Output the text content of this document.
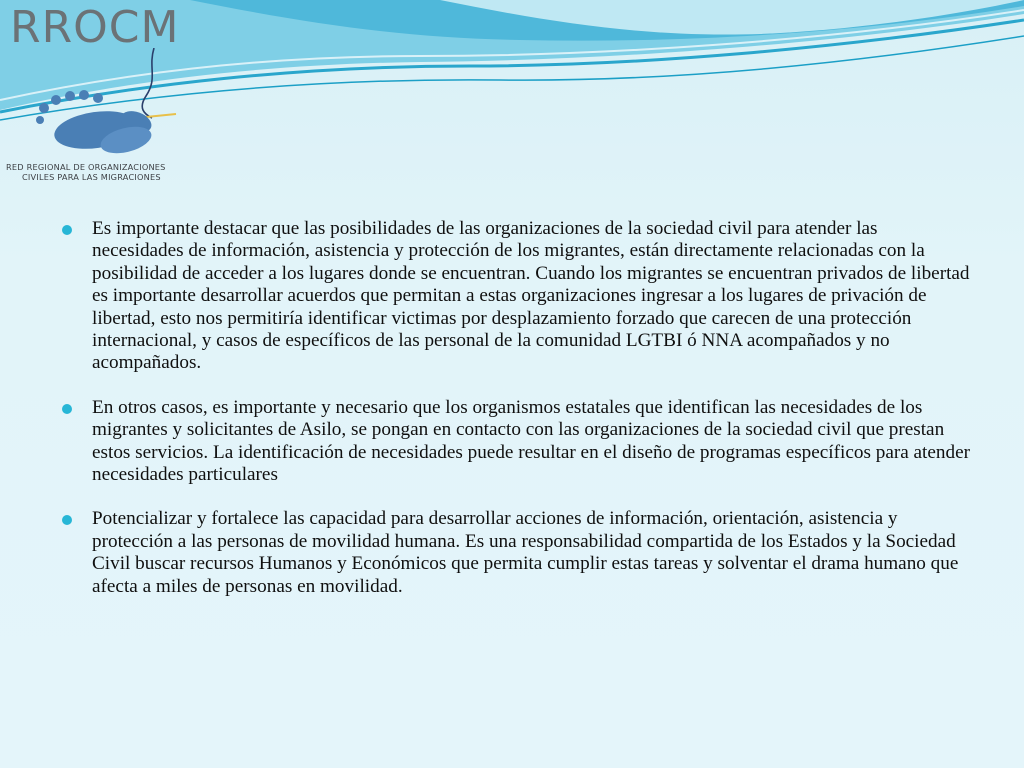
RROCM
RED REGIONAL DE ORGANIZACIONES
CIVILES PARA LAS MIGRACIONES
Es importante destacar que las posibilidades de las organizaciones de la sociedad civil para atender las necesidades de información, asistencia y protección de los migrantes, están directamente relacionadas con la posibilidad de acceder a los lugares donde se encuentran. Cuando los migrantes se encuentran privados de libertad es importante desarrollar acuerdos que permitan a estas organizaciones ingresar a los lugares de privación de libertad, esto nos permitiría identificar victimas por desplazamiento forzado que carecen de una protección internacional, y casos de específicos de las personal de la comunidad LGTBI ó NNA acompañados y no acompañados.
En otros casos, es importante y necesario que los organismos estatales que identifican las necesidades de los migrantes y solicitantes de Asilo, se pongan en contacto con las organizaciones de la sociedad civil que prestan estos servicios. La identificación de necesidades puede resultar en el diseño de programas específicos para atender necesidades particulares
Potencializar y fortalece las capacidad para desarrollar acciones de información, orientación, asistencia y protección a las personas de movilidad humana. Es una responsabilidad compartida de los Estados y la Sociedad Civil buscar recursos Humanos y Económicos que permita cumplir estas tareas y solventar el drama humano que afecta a miles de personas en movilidad.
